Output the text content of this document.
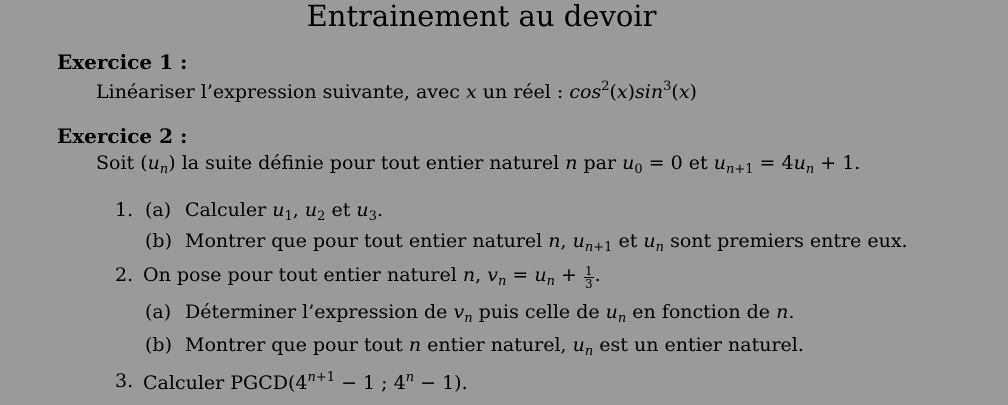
Entrainement au devoir
Exercice 1 :
Linéariser l’expression suivante, avec x un réel : $\cos^2(x)\sin^3(x)$
Exercice 2 :
Soit $(u_n)$ la suite définie pour tout entier naturel n par $u_0 = 0$ et $u_{n+1} = 4u_n + 1$.
1. (a) Calculer $u_1$, $u_2$ et $u_3$.
(b) Montrer que pour tout entier naturel n, $u_{n+1}$ et $u_n$ sont premiers entre eux.
2. On pose pour tout entier naturel n, $v_n = u_n + \frac{1}{3}$ .
(a) Déterminer l’expression de $v_n$ puis celle de $u_n$ en fonction de n.
(b) Montrer que pour tout n entier naturel, $u_n$ est un entier naturel.
3. Calculer $PGCD(4^{n+1} - 1$ ; $4^n - 1$).
